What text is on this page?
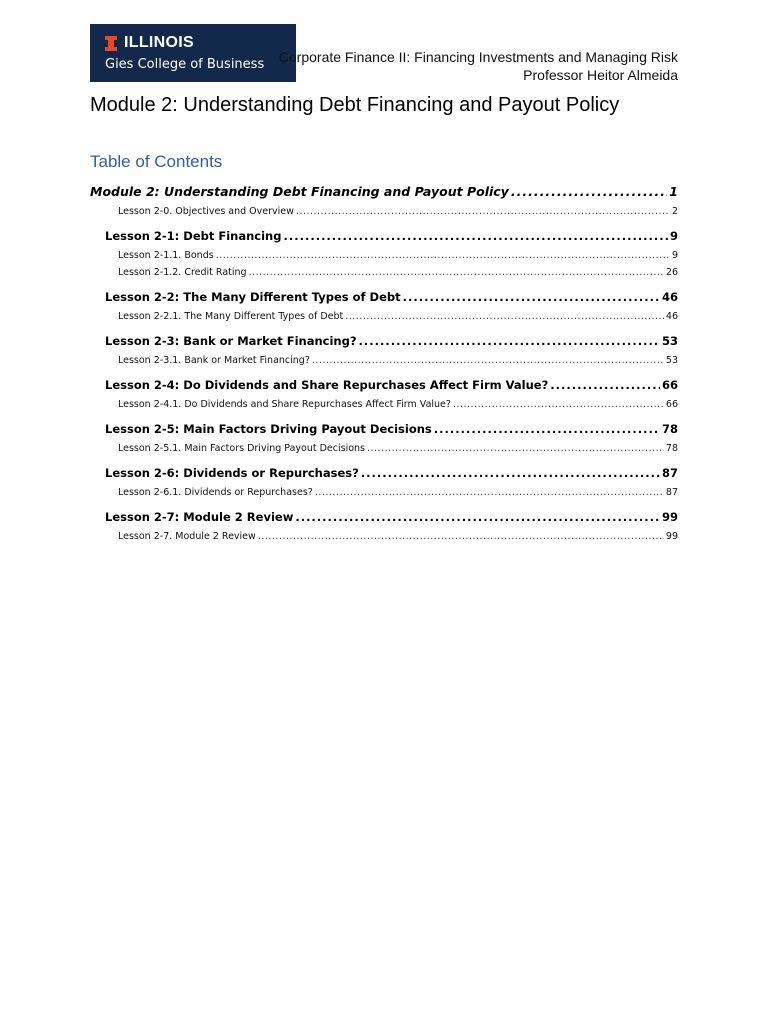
ILLINOIS
Gies College of Business	Corporate Finance II: Financing Investments and Managing Risk
Professor Heitor Almeida
Module 2: Understanding Debt Financing and Payout Policy
Table of Contents
Module 2: Understanding Debt Financing and Payout Policy .....	1
Lesson 2-0. Objectives and Overview .....	2
Lesson 2-1: Debt Financing .....	9
Lesson 2-1.1. Bonds .....	9
Lesson 2-1.2. Credit Rating .....	26
Lesson 2-2: The Many Different Types of Debt .....	46
Lesson 2-2.1. The Many Different Types of Debt .....	46
Lesson 2-3: Bank or Market Financing? .....	53
Lesson 2-3.1. Bank or Market Financing? .....	53
Lesson 2-4: Do Dividends and Share Repurchases Affect Firm Value? .....	66
Lesson 2-4.1. Do Dividends and Share Repurchases Affect Firm Value? .....	66
Lesson 2-5: Main Factors Driving Payout Decisions .....	78
Lesson 2-5.1. Main Factors Driving Payout Decisions .....	78
Lesson 2-6: Dividends or Repurchases? .....	87
Lesson 2-6.1. Dividends or Repurchases? .....	87
Lesson 2-7: Module 2 Review .....	99
Lesson 2-7. Module 2 Review .....	99
